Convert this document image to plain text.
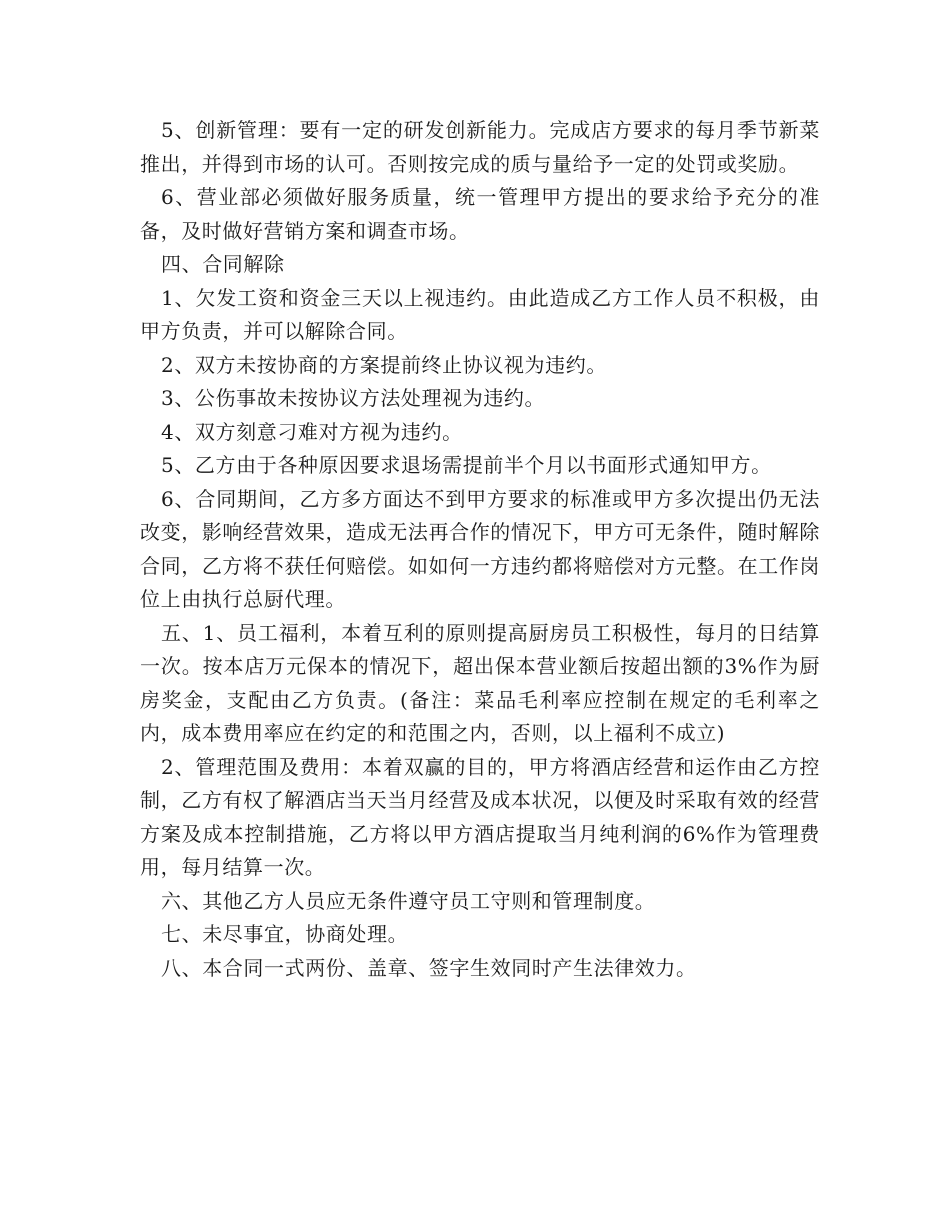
5、创新管理：要有一定的研发创新能力。完成店方要求的每月季节新菜推出，并得到市场的认可。否则按完成的质与量给予一定的处罚或奖励。

6、营业部必须做好服务质量，统一管理甲方提出的要求给予充分的准备，及时做好营销方案和调查市场。

四、合同解除

1、欠发工资和资金三天以上视违约。由此造成乙方工作人员不积极，由甲方负责，并可以解除合同。

2、双方未按协商的方案提前终止协议视为违约。

3、公伤事故未按协议方法处理视为违约。

4、双方刻意刁难对方视为违约。

5、乙方由于各种原因要求退场需提前半个月以书面形式通知甲方。

6、合同期间，乙方多方面达不到甲方要求的标准或甲方多次提出仍无法改变，影响经营效果，造成无法再合作的情况下，甲方可无条件，随时解除合同，乙方将不获任何赔偿。如如何一方违约都将赔偿对方元整。在工作岗位上由执行总厨代理。

五、1、员工福利，本着互利的原则提高厨房员工积极性，每月的日结算一次。按本店万元保本的情况下，超出保本营业额后按超出额的3%作为厨房奖金，支配由乙方负责。(备注：菜品毛利率应控制在规定的毛利率之内，成本费用率应在约定的和范围之内，否则，以上福利不成立)

2、管理范围及费用：本着双赢的目的，甲方将酒店经营和运作由乙方控制，乙方有权了解酒店当天当月经营及成本状况，以便及时采取有效的经营方案及成本控制措施，乙方将以甲方酒店提取当月纯利润的6%作为管理费用，每月结算一次。

六、其他乙方人员应无条件遵守员工守则和管理制度。

七、未尽事宜，协商处理。

八、本合同一式两份、盖章、签字生效同时产生法律效力。
